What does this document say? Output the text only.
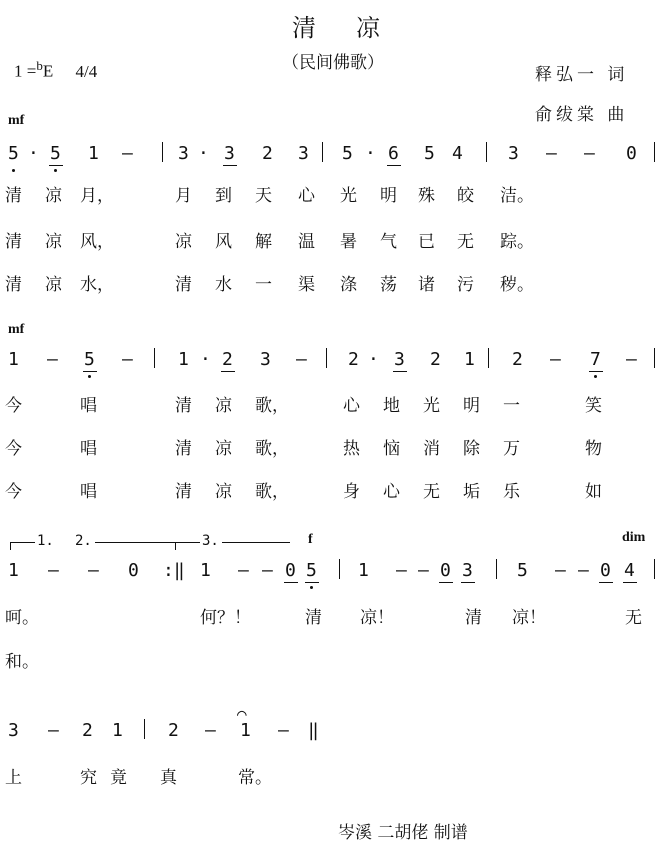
清凉
（民间佛歌）
1 =$^b$E 4/4	释弘一 词
俞绂棠 曲
mf
5 · 5 1 —	3 · 3 2 3 5 · 6 5 4	3 — — 0
清 凉 月，	月 到 天 心 光 明 殊 皎 洁。
清 凉 风，	凉 风 解 温 暑 气 已 无 踪。
清 凉 水，	清 水 一 渠 涤 荡 诸 污 秽。
mf
1 — 5 —	1 · 2 3 — 2 · 3 2 1 2 — 7 —
今	唱	清 凉 歌，	心 地 光 明 一	笑
今	唱	清 凉 歌，	热 恼 消 除 万	物
今	唱	清 凉 歌，	身 心 无 垢 乐	如
1. 2.	3.	f	dim
1 — — 0 :‖ 1 — — 0 5 1 — — 0 3 5 — — 0 4
呵。	何？！	清 凉！	清 凉！	无
和。
⌒
3 — 2 1	2 — 1 — ‖
上	究 竟 真	常。
岑溪 二胡佬 制谱
